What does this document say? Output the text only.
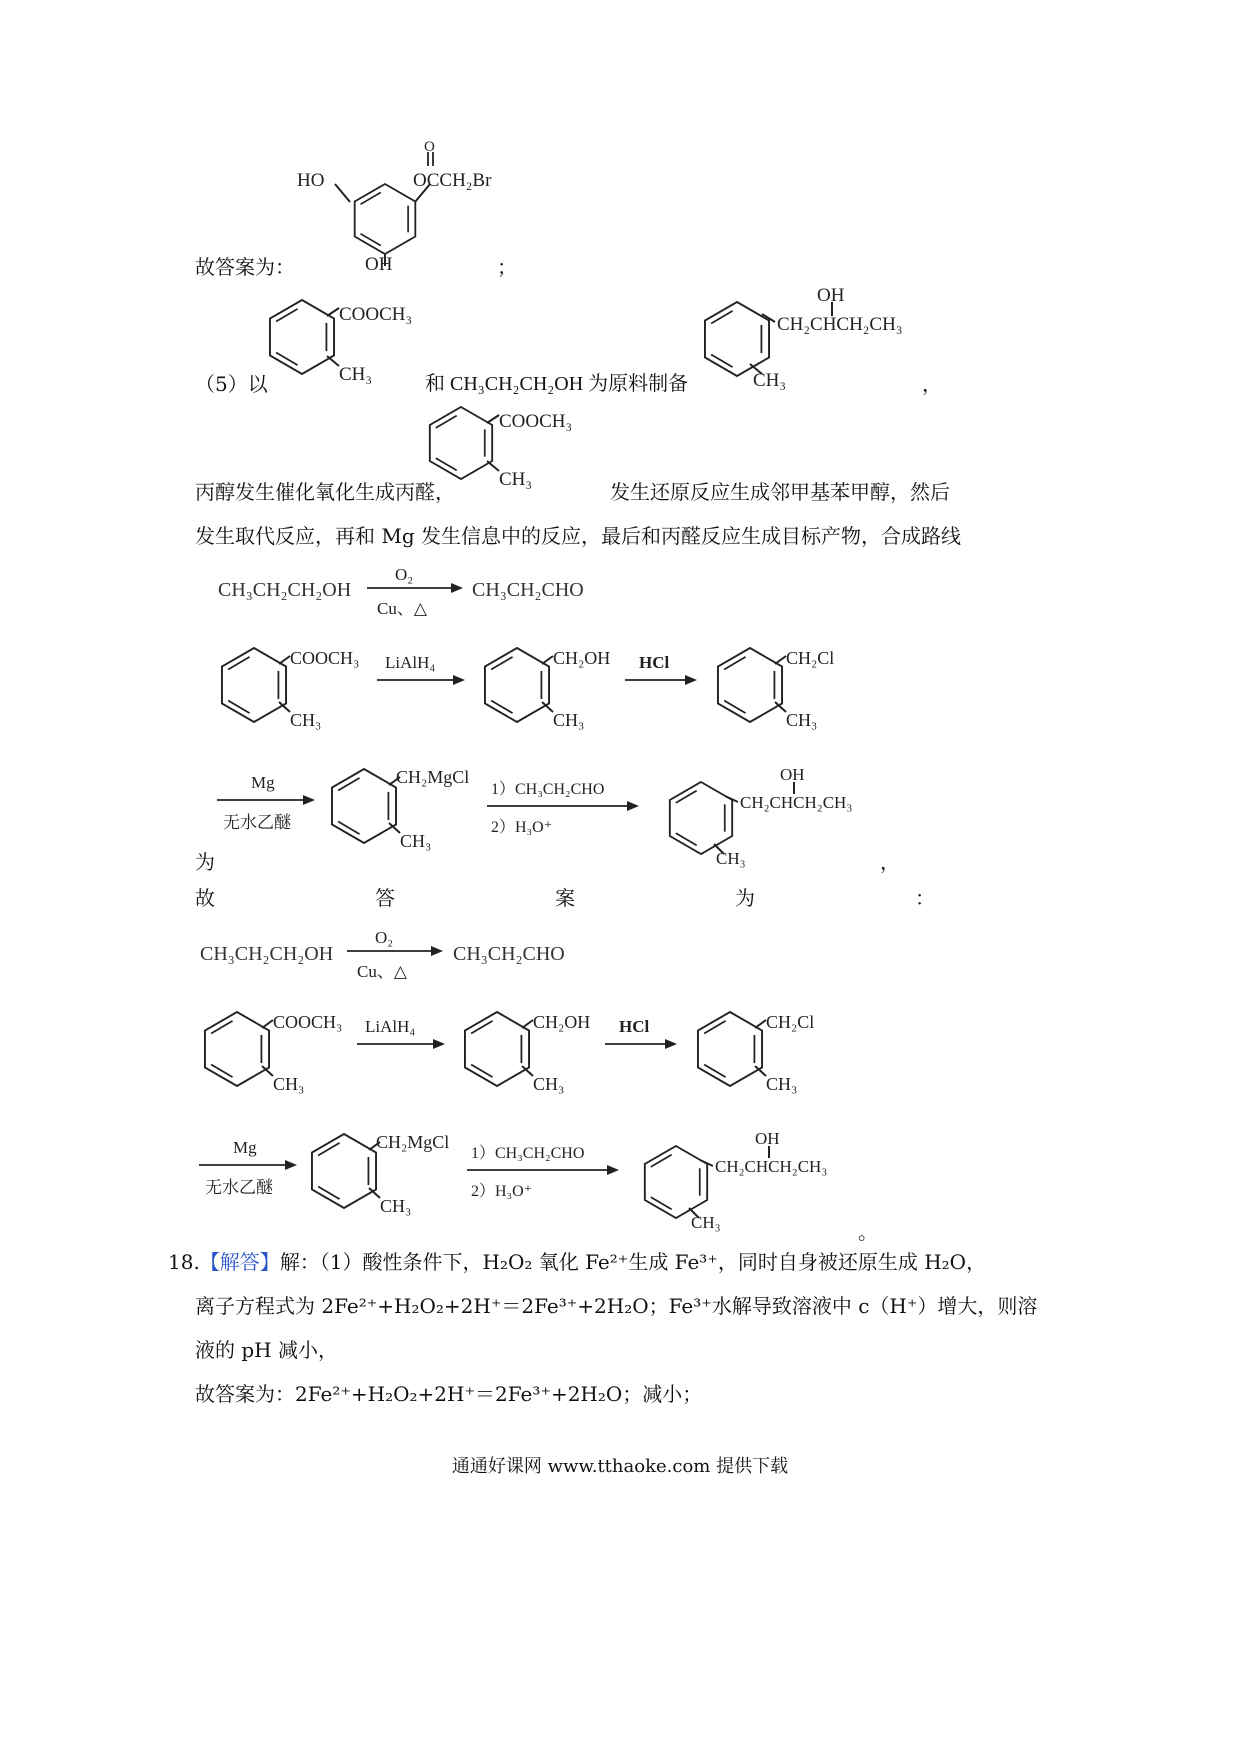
HO
O
OCCH₂Br
OH
故答案为：	；
COOCH₃
CH₃
（5）以	和 CH₃CH₂CH₂OH 为原料制备
OH
CH₂CHCH₂CH₃
CH₃	，
丙醇发生催化氧化生成丙醛，
COOCH₃
CH₃
发生还原反应生成邻甲基苯甲醇，然后
发生取代反应，再和 Mg 发生信息中的反应，最后和丙醛反应生成目标产物，合成路线
CH₃CH₂CH₂OH
O₂
Cu、△
CH₃CH₂CHO
COOCH₃
CH₃
LiAlH₄	CH₂OH
CH₃
HCl	CH₂Cl
CH₃
Mg
无水乙醚
CH₂MgCl
CH₃
1）CH₃CH₂CHO
2）H₃O⁺
OH
CH₂CHCH₂CH₃
CH₃
为	，
故	答	案	为	：
CH₃CH₂CH₂OH
O₂
Cu、△
CH₃CH₂CHO
COOCH₃
CH₃
LiAlH₄	CH₂OH
CH₃
HCl	CH₂Cl
CH₃
Mg
无水乙醚
CH₂MgCl
CH₃
1）CH₃CH₂CHO
2）H₃O⁺
OH
CH₂CHCH₂CH₃
CH₃	。
18.【解答】解：（1）酸性条件下，H₂O₂ 氧化 Fe²⁺生成 Fe³⁺，同时自身被还原生成 H₂O，
离子方程式为 2Fe²⁺+H₂O₂+2H⁺＝2Fe³⁺+2H₂O；Fe³⁺水解导致溶液中 c（H⁺）增大，则溶
液的 pH 减小，
故答案为：2Fe²⁺+H₂O₂+2H⁺＝2Fe³⁺+2H₂O；减小；
通通好课网 www.tthaoke.com 提供下载
